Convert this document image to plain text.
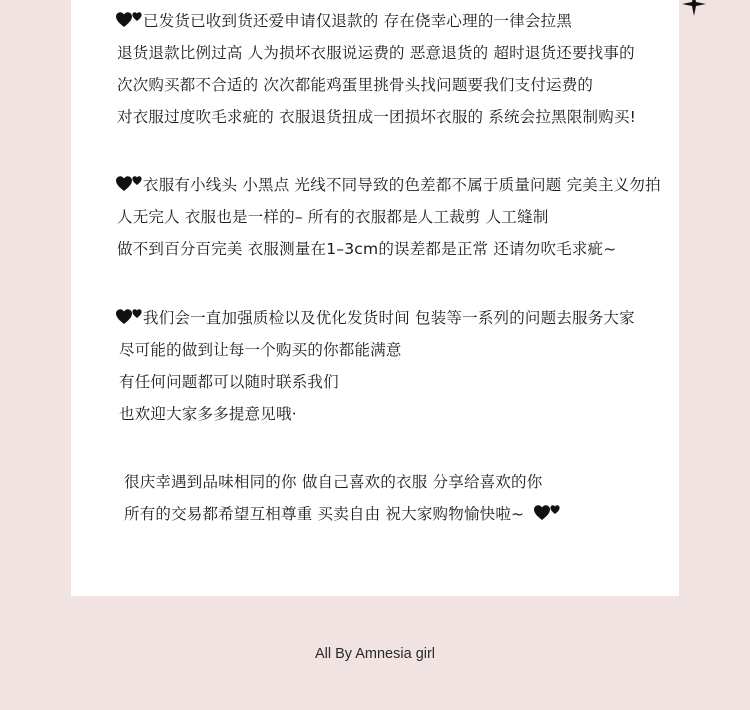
已发货已收到货还爱申请仅退款的 存在侥幸心理的一律会拉黑
退货退款比例过高 人为损坏衣服说运费的 恶意退货的 超时退货还要找事的
次次购买都不合适的 次次都能鸡蛋里挑骨头找问题要我们支付运费的
对衣服过度吹毛求疵的 衣服退货扭成一团损坏衣服的 系统会拉黑限制购买!
衣服有小线头 小黑点 光线不同导致的色差都不属于质量问题 完美主义勿拍
人无完人 衣服也是一样的– 所有的衣服都是人工裁剪 人工缝制
做不到百分百完美 衣服测量在1–3cm的误差都是正常 还请勿吹毛求疵~
我们会一直加强质检以及优化发货时间 包装等一系列的问题去服务大家
尽可能的做到让每一个购买的你都能满意
有任何问题都可以随时联系我们
也欢迎大家多多提意见哦·
很庆幸遇到品味相同的你 做自己喜欢的衣服 分享给喜欢的你
所有的交易都希望互相尊重 买卖自由 祝大家购物愉快啦~
All By Amnesia girl
